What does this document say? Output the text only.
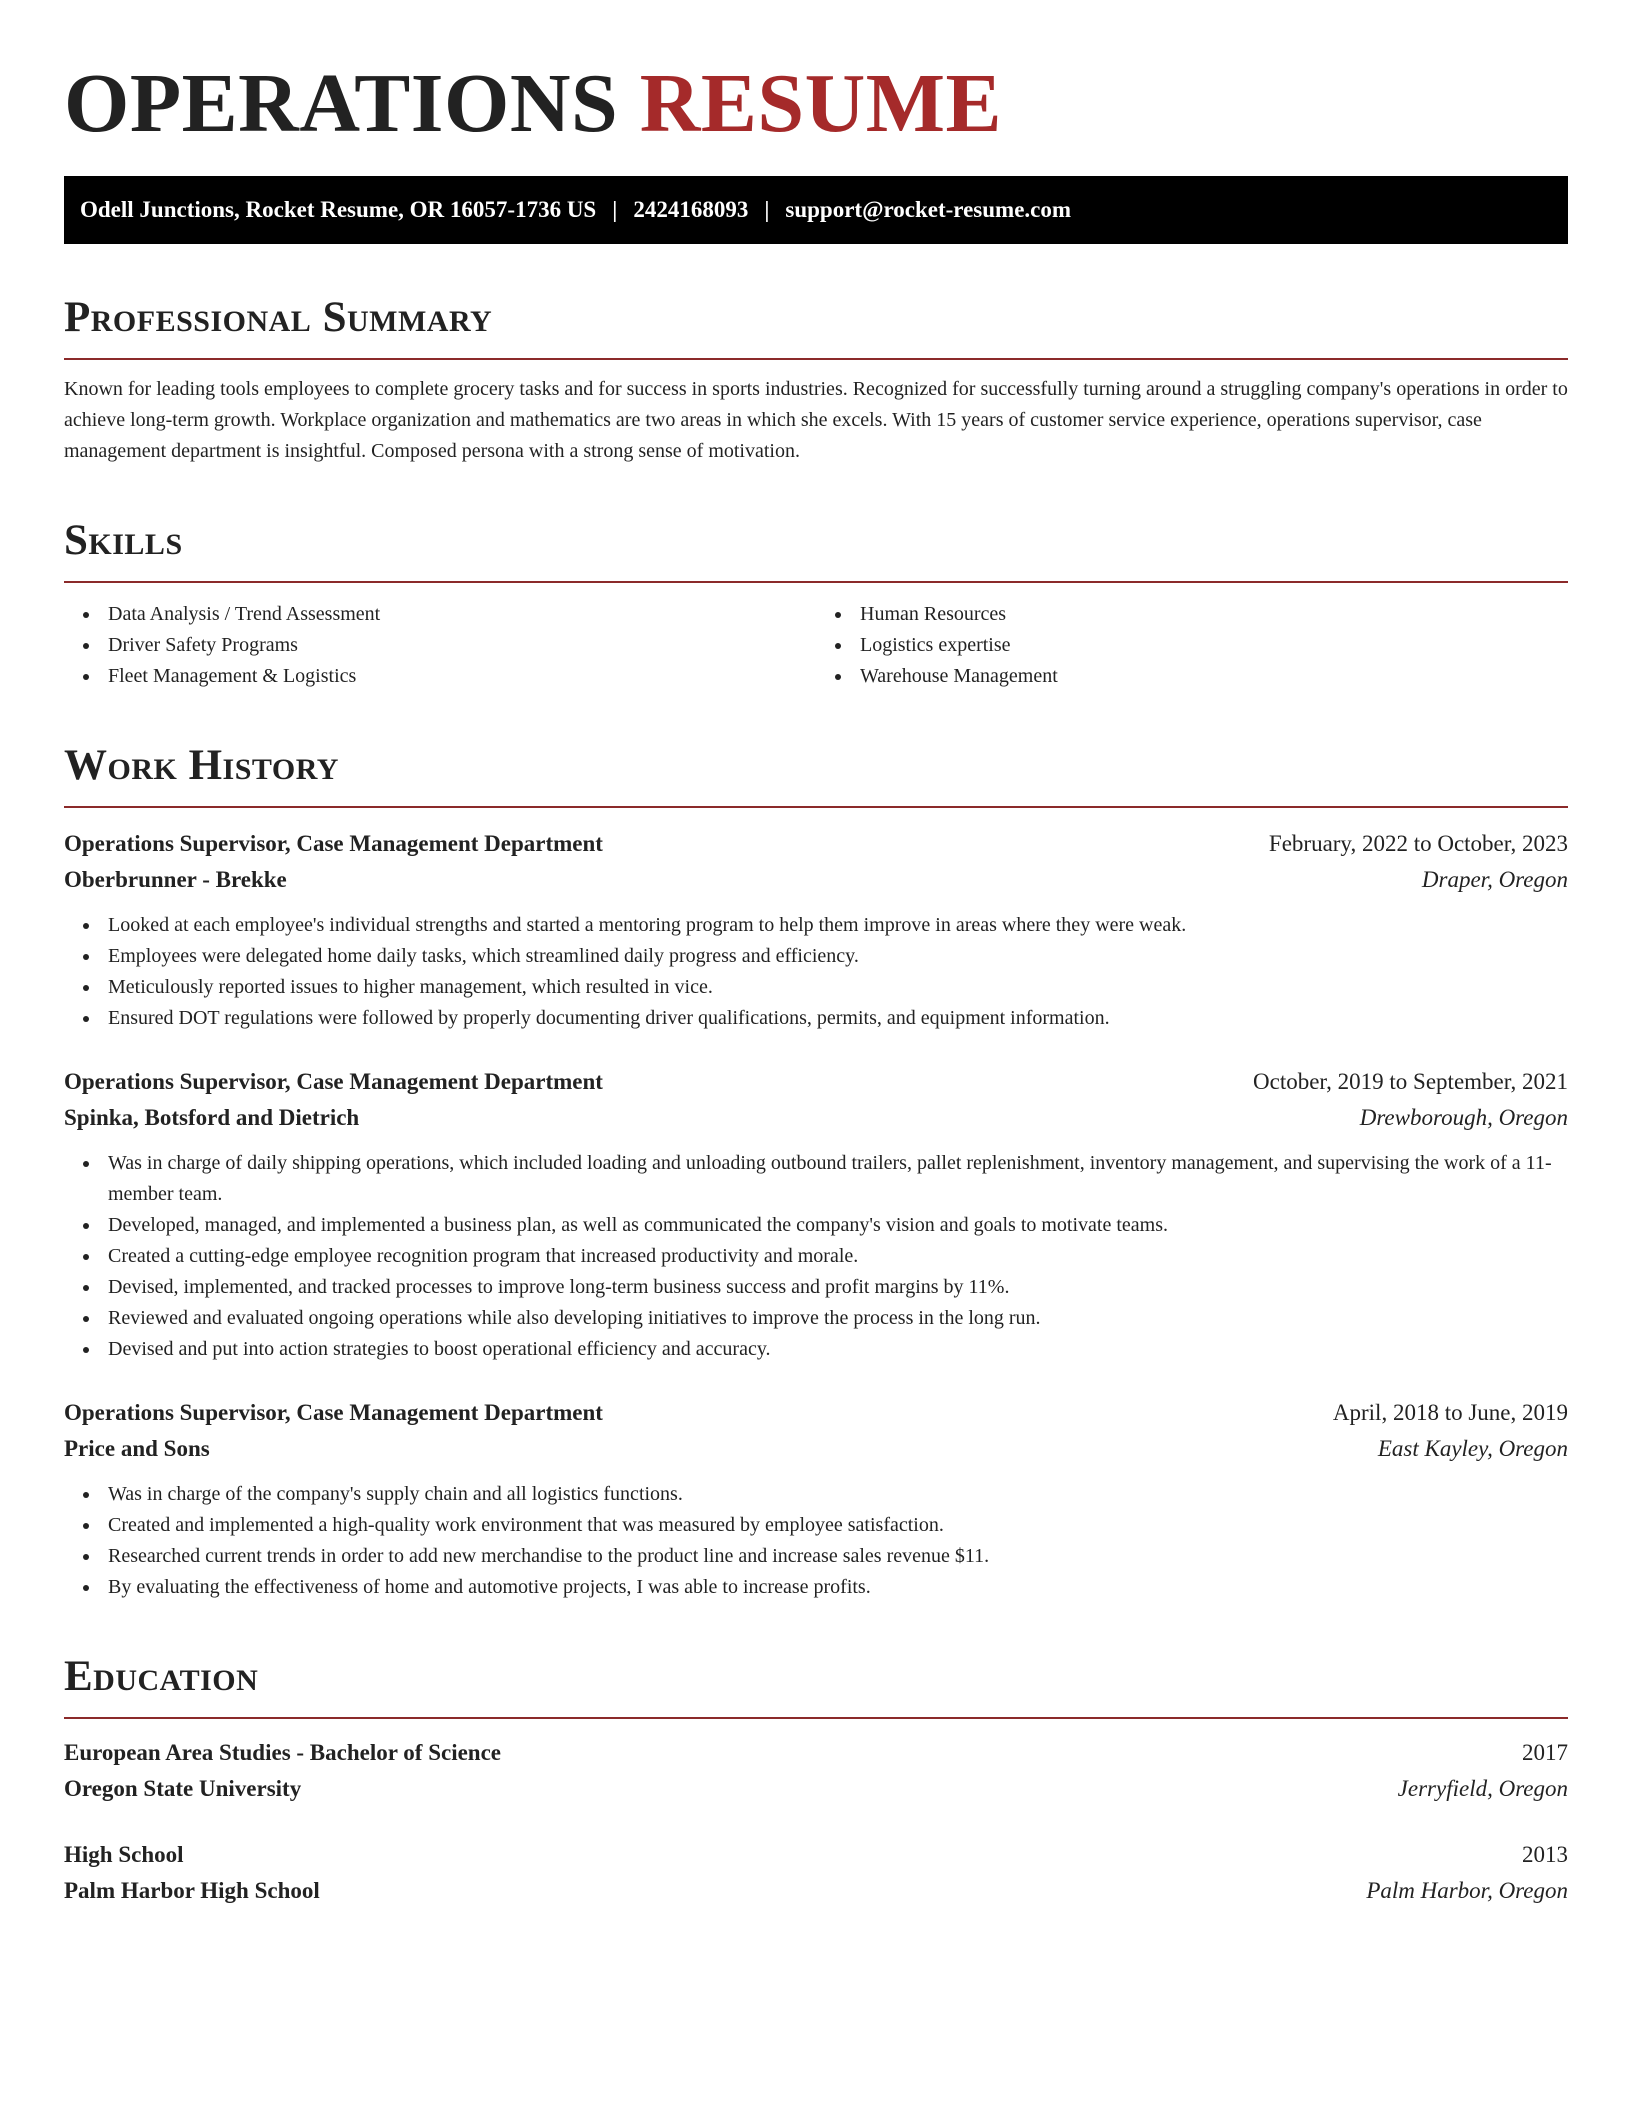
OPERATIONS RESUME
Odell Junctions, Rocket Resume, OR 16057-1736 US | 2424168093 | support@rocket-resume.com
Professional Summary

Known for leading tools employees to complete grocery tasks and for success in sports industries. Recognized for successfully turning around a struggling company's operations in order to achieve long-term growth. Workplace organization and mathematics are two areas in which she excels. With 15 years of customer service experience, operations supervisor, case management department is insightful. Composed persona with a strong sense of motivation.

Skills
Data Analysis / Trend Assessment
Driver Safety Programs
Fleet Management & Logistics
Human Resources
Logistics expertise
Warehouse Management
Work History
Operations Supervisor, Case Management Department	February, 2022 to October, 2023
Oberbrunner - Brekke	Draper, Oregon
Looked at each employee's individual strengths and started a mentoring program to help them improve in areas where they were weak.
Employees were delegated home daily tasks, which streamlined daily progress and efficiency.
Meticulously reported issues to higher management, which resulted in vice.
Ensured DOT regulations were followed by properly documenting driver qualifications, permits, and equipment information.
Operations Supervisor, Case Management Department	October, 2019 to September, 2021
Spinka, Botsford and Dietrich	Drewborough, Oregon
Was in charge of daily shipping operations, which included loading and unloading outbound trailers, pallet replenishment, inventory management, and supervising the work of a 11-member team.
Developed, managed, and implemented a business plan, as well as communicated the company's vision and goals to motivate teams.
Created a cutting-edge employee recognition program that increased productivity and morale.
Devised, implemented, and tracked processes to improve long-term business success and profit margins by 11%.
Reviewed and evaluated ongoing operations while also developing initiatives to improve the process in the long run.
Devised and put into action strategies to boost operational efficiency and accuracy.
Operations Supervisor, Case Management Department	April, 2018 to June, 2019
Price and Sons	East Kayley, Oregon
Was in charge of the company's supply chain and all logistics functions.
Created and implemented a high-quality work environment that was measured by employee satisfaction.
Researched current trends in order to add new merchandise to the product line and increase sales revenue $11.
By evaluating the effectiveness of home and automotive projects, I was able to increase profits.
Education
European Area Studies - Bachelor of Science	2017
Oregon State University	Jerryfield, Oregon
High School	2013
Palm Harbor High School	Palm Harbor, Oregon
